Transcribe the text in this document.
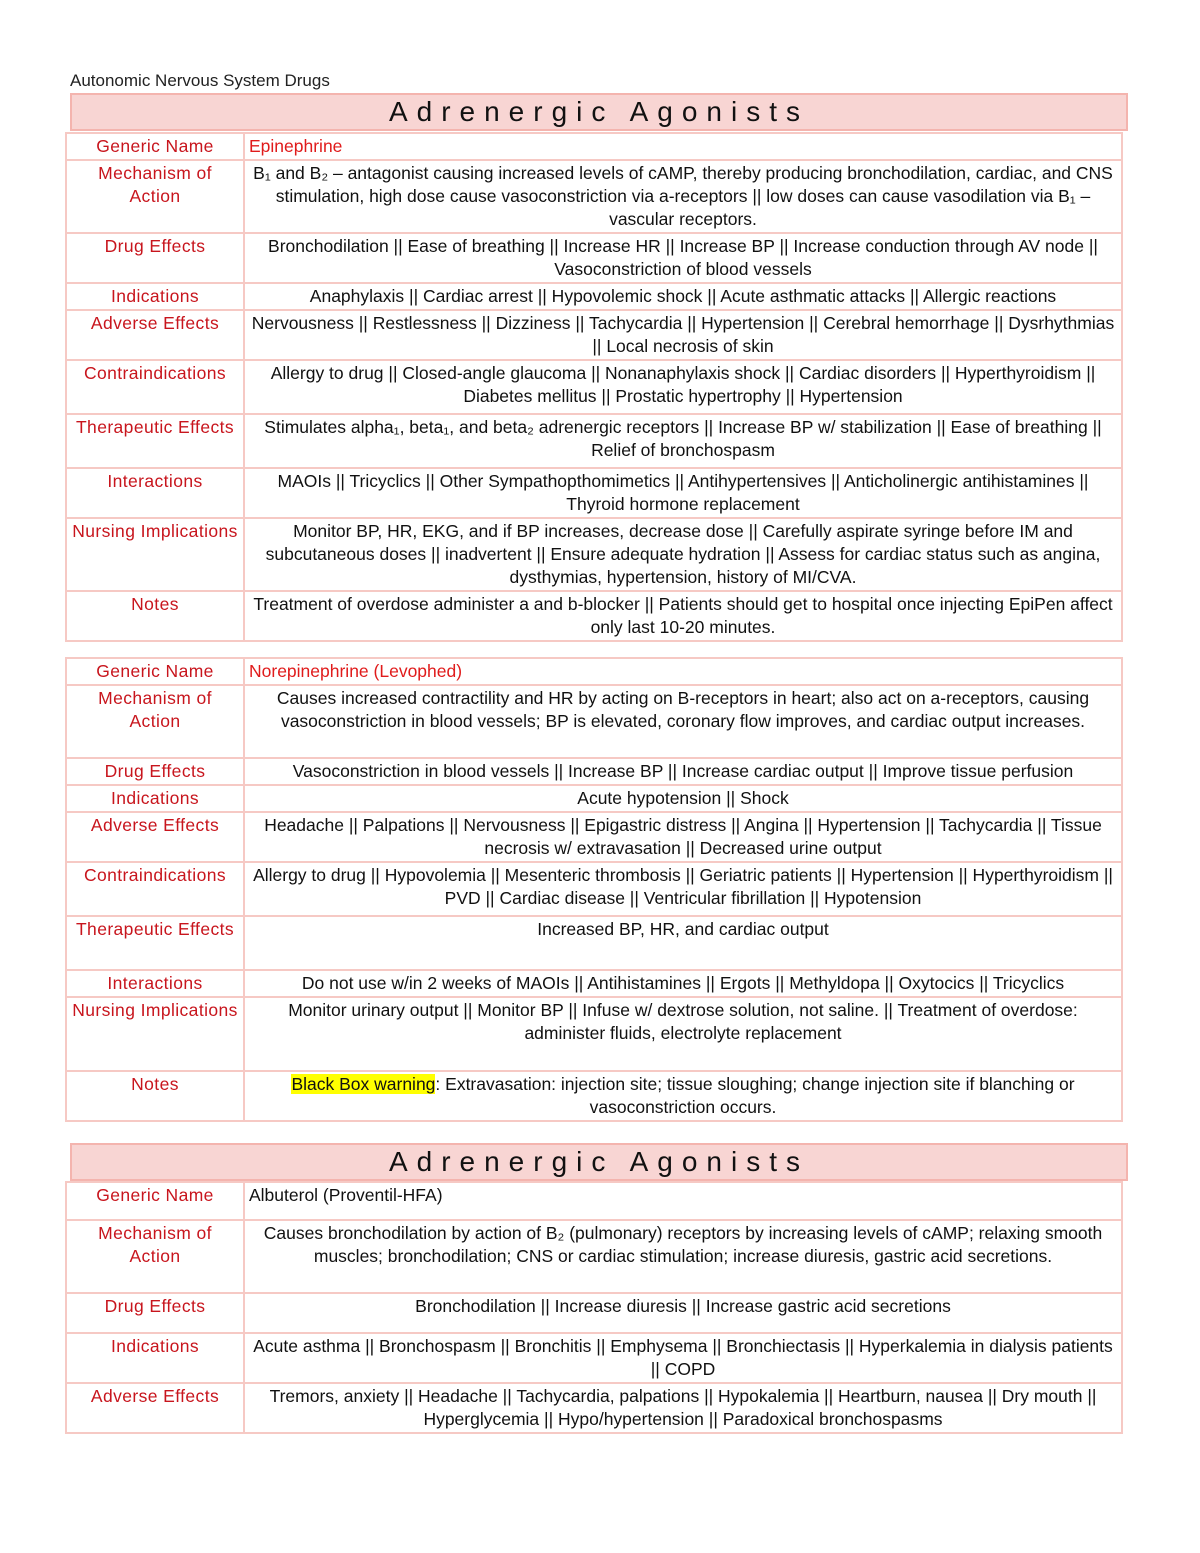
Autonomic Nervous System Drugs
Adrenergic Agonists
Generic Name	Epinephrine
Mechanism of Action	B₁ and B₂ – antagonist causing increased levels of cAMP, thereby producing bronchodilation, cardiac, and CNS stimulation, high dose cause vasoconstriction via a-receptors || low doses can cause vasodilation via B₁ – vascular receptors.
Drug Effects	Bronchodilation || Ease of breathing || Increase HR || Increase BP || Increase conduction through AV node || Vasoconstriction of blood vessels
Indications	Anaphylaxis || Cardiac arrest || Hypovolemic shock || Acute asthmatic attacks || Allergic reactions
Adverse Effects	Nervousness || Restlessness || Dizziness || Tachycardia || Hypertension || Cerebral hemorrhage || Dysrhythmias || Local necrosis of skin
Contraindications	Allergy to drug || Closed-angle glaucoma || Nonanaphylaxis shock || Cardiac disorders || Hyperthyroidism || Diabetes mellitus || Prostatic hypertrophy || Hypertension
Therapeutic Effects	Stimulates alpha₁, beta₁, and beta₂ adrenergic receptors || Increase BP w/ stabilization || Ease of breathing || Relief of bronchospasm
Interactions	MAOIs || Tricyclics || Other Sympathopthomimetics || Antihypertensives || Anticholinergic antihistamines || Thyroid hormone replacement
Nursing Implications	Monitor BP, HR, EKG, and if BP increases, decrease dose || Carefully aspirate syringe before IM and subcutaneous doses || inadvertent || Ensure adequate hydration || Assess for cardiac status such as angina, dysthymias, hypertension, history of MI/CVA.
Notes	Treatment of overdose administer a and b-blocker || Patients should get to hospital once injecting EpiPen affect only last 10-20 minutes.
Generic Name	Norepinephrine (Levophed)
Mechanism of Action	Causes increased contractility and HR by acting on B-receptors in heart; also act on a-receptors, causing vasoconstriction in blood vessels; BP is elevated, coronary flow improves, and cardiac output increases.
Drug Effects	Vasoconstriction in blood vessels || Increase BP || Increase cardiac output || Improve tissue perfusion
Indications	Acute hypotension || Shock
Adverse Effects	Headache || Palpations || Nervousness || Epigastric distress || Angina || Hypertension || Tachycardia || Tissue necrosis w/ extravasation || Decreased urine output
Contraindications	Allergy to drug || Hypovolemia || Mesenteric thrombosis || Geriatric patients || Hypertension || Hyperthyroidism || PVD || Cardiac disease || Ventricular fibrillation || Hypotension
Therapeutic Effects	Increased BP, HR, and cardiac output
Interactions	Do not use w/in 2 weeks of MAOIs || Antihistamines || Ergots || Methyldopa || Oxytocics || Tricyclics
Nursing Implications	Monitor urinary output || Monitor BP || Infuse w/ dextrose solution, not saline. || Treatment of overdose: administer fluids, electrolyte replacement
Notes	Black Box warning: Extravasation: injection site; tissue sloughing; change injection site if blanching or vasoconstriction occurs.
Adrenergic Agonists
Generic Name	Albuterol (Proventil-HFA)
Mechanism of Action	Causes bronchodilation by action of B₂ (pulmonary) receptors by increasing levels of cAMP; relaxing smooth muscles; bronchodilation; CNS or cardiac stimulation; increase diuresis, gastric acid secretions.
Drug Effects	Bronchodilation || Increase diuresis || Increase gastric acid secretions
Indications	Acute asthma || Bronchospasm || Bronchitis || Emphysema || Bronchiectasis || Hyperkalemia in dialysis patients || COPD
Adverse Effects	Tremors, anxiety || Headache || Tachycardia, palpations || Hypokalemia || Heartburn, nausea || Dry mouth || Hyperglycemia || Hypo/hypertension || Paradoxical bronchospasms
